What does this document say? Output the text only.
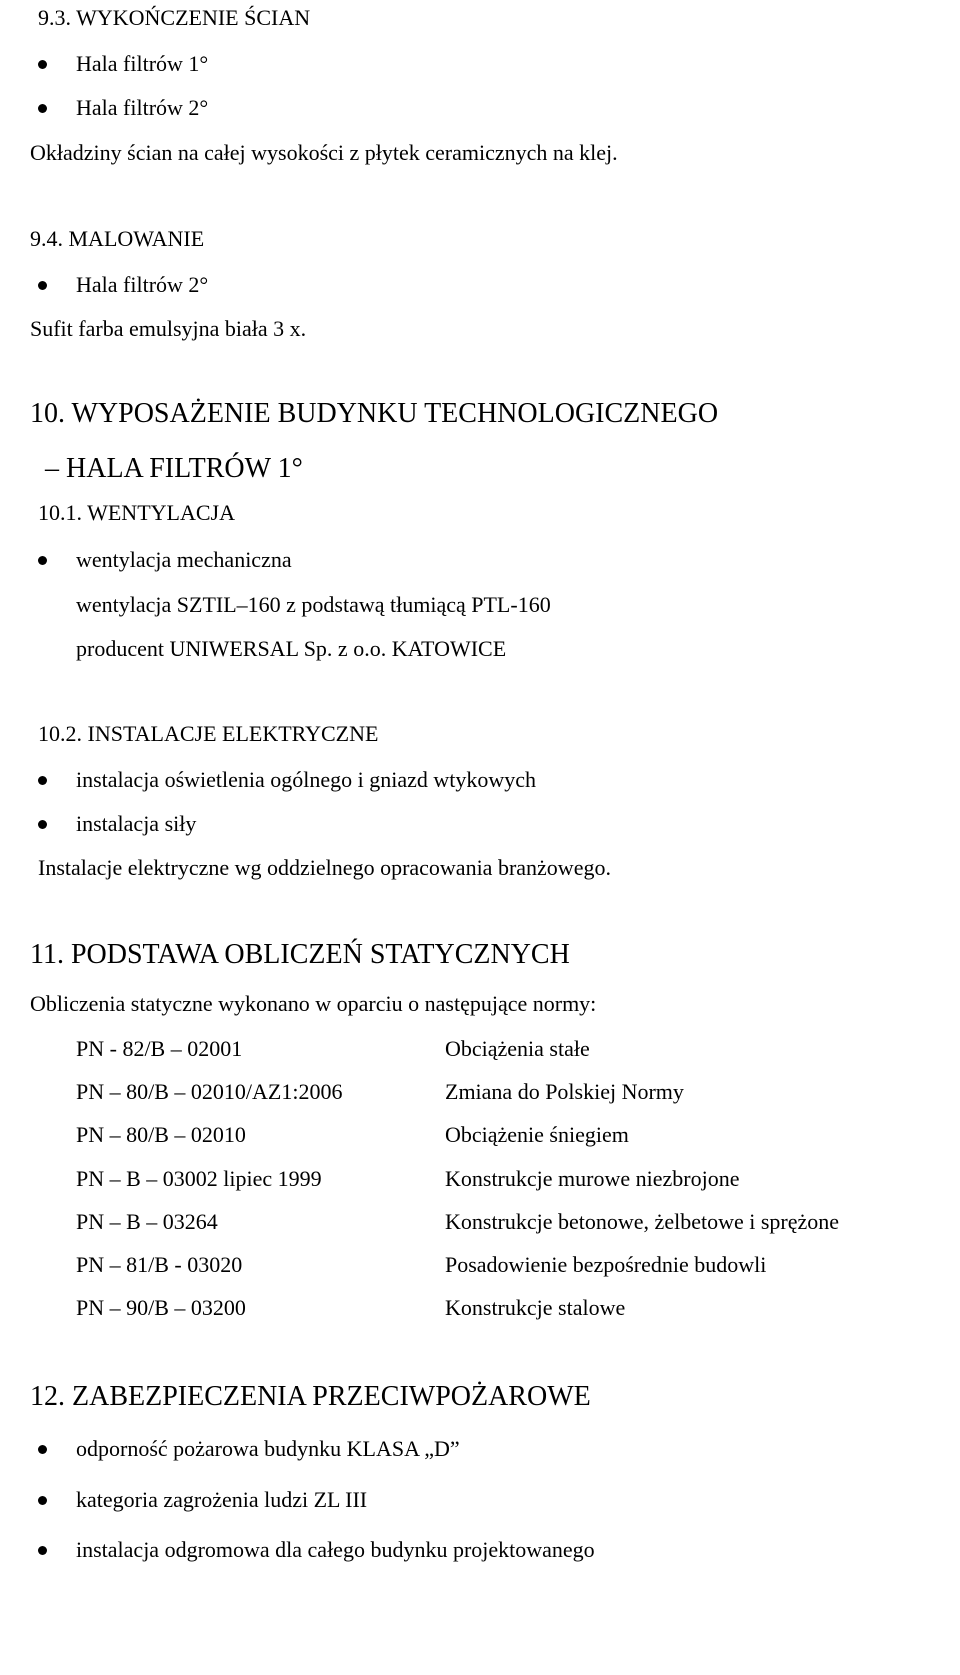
9.3. WYKOŃCZENIE ŚCIAN
Hala filtrów 1°
Hala filtrów 2°
Okładziny ścian na całej wysokości z płytek ceramicznych na klej.
9.4. MALOWANIE
Hala filtrów 2°
Sufit farba emulsyjna biała 3 x.
10. WYPOSAŻENIE BUDYNKU TECHNOLOGICZNEGO
– HALA FILTRÓW 1°
10.1. WENTYLACJA
wentylacja mechaniczna
wentylacja SZTIL–160 z podstawą tłumiącą PTL-160
producent UNIWERSAL Sp. z o.o. KATOWICE
10.2. INSTALACJE ELEKTRYCZNE
instalacja oświetlenia ogólnego i gniazd wtykowych
instalacja siły
Instalacje elektryczne wg oddzielnego opracowania branżowego.
11. PODSTAWA OBLICZEŃ STATYCZNYCH
Obliczenia statyczne wykonano w oparciu o następujące normy:
PN - 82/B – 02001	Obciążenia stałe
PN – 80/B – 02010/AZ1:2006	Zmiana do Polskiej Normy
PN – 80/B – 02010	Obciążenie śniegiem
PN – B – 03002 lipiec 1999	Konstrukcje murowe niezbrojone
PN – B – 03264	Konstrukcje betonowe, żelbetowe i sprężone
PN – 81/B - 03020	Posadowienie bezpośrednie budowli
PN – 90/B – 03200	Konstrukcje stalowe
12. ZABEZPIECZENIA PRZECIWPOŻAROWE
odporność pożarowa budynku KLASA „D”
kategoria zagrożenia ludzi ZL III
instalacja odgromowa dla całego budynku projektowanego
